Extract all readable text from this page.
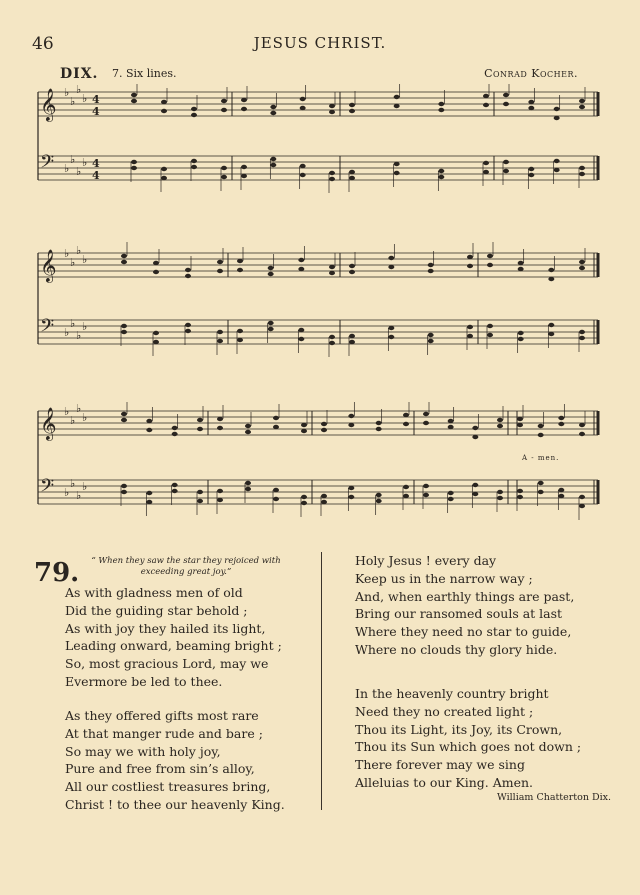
46	JESUS CHRIST.
DIX. 7. Six lines.	Conrad Kocher.
𝄞 ♭
♭
♭
♭ 4
4
𝄢 ♭
♭
♭
♭ 4
4
𝄞 ♭
♭
♭
♭
𝄢 ♭
♭
♭
♭
𝄞 ♭
♭
♭
♭
𝄢 ♭
♭
♭
♭
A - men.
79.	“ When they saw the star they rejoiced with
exceeding great joy.”
As with gladness men of old
Did the guiding star behold ;
As with joy they hailed its light,
Leading onward, beaming bright ;
So, most gracious Lord, may we
Evermore be led to thee.
As they offered gifts most rare
At that manger rude and bare ;
So may we with holy joy,
Pure and free from sin’s alloy,
All our costliest treasures bring,
Christ ! to thee our heavenly King.
Holy Jesus ! every day
Keep us in the narrow way ;
And, when earthly things are past,
Bring our ransomed souls at last
Where they need no star to guide,
Where no clouds thy glory hide.
In the heavenly country bright
Need they no created light ;
Thou its Light, its Joy, its Crown,
Thou its Sun which goes not down ;
There forever may we sing
Alleluias to our King. Amen.
William Chatterton Dix.
